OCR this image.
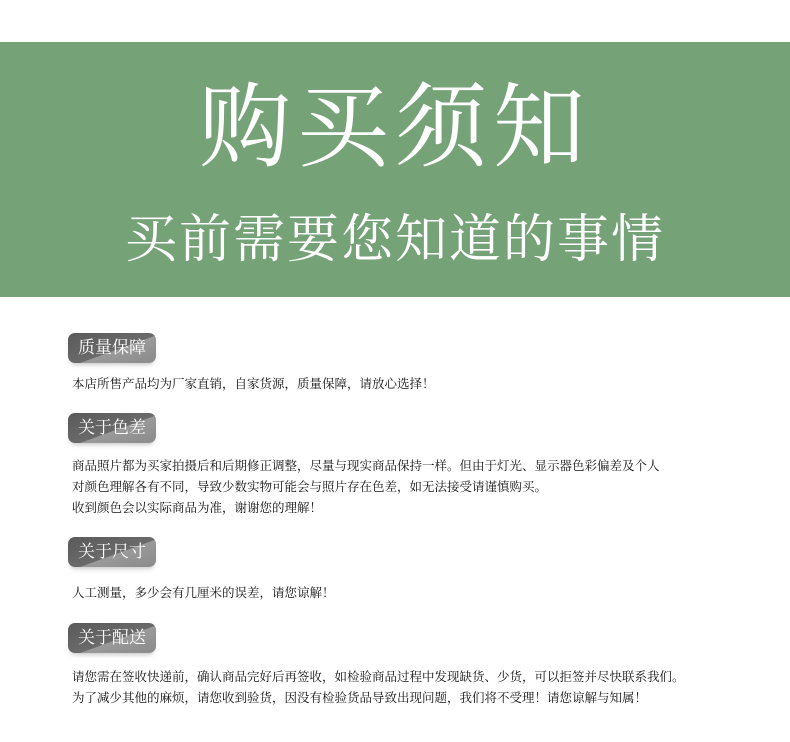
购买须知
买前需要您知道的事情
质量保障
本店所售产品均为厂家直销，自家货源，质量保障，请放心选择！
关于色差
商品照片都为买家拍摄后和后期修正调整，尽量与现实商品保持一样。但由于灯光、显示器色彩偏差及个人
对颜色理解各有不同，导致少数实物可能会与照片存在色差，如无法接受请谨慎购买。
收到颜色会以实际商品为准，谢谢您的理解！
关于尺寸
人工测量，多少会有几厘米的误差，请您谅解！
关于配送
请您需在签收快递前，确认商品完好后再签收，如检验商品过程中发现缺货、少货，可以拒签并尽快联系我们。
为了减少其他的麻烦，请您收到验货，因没有检验货品导致出现问题，我们将不受理！请您谅解与知属！
